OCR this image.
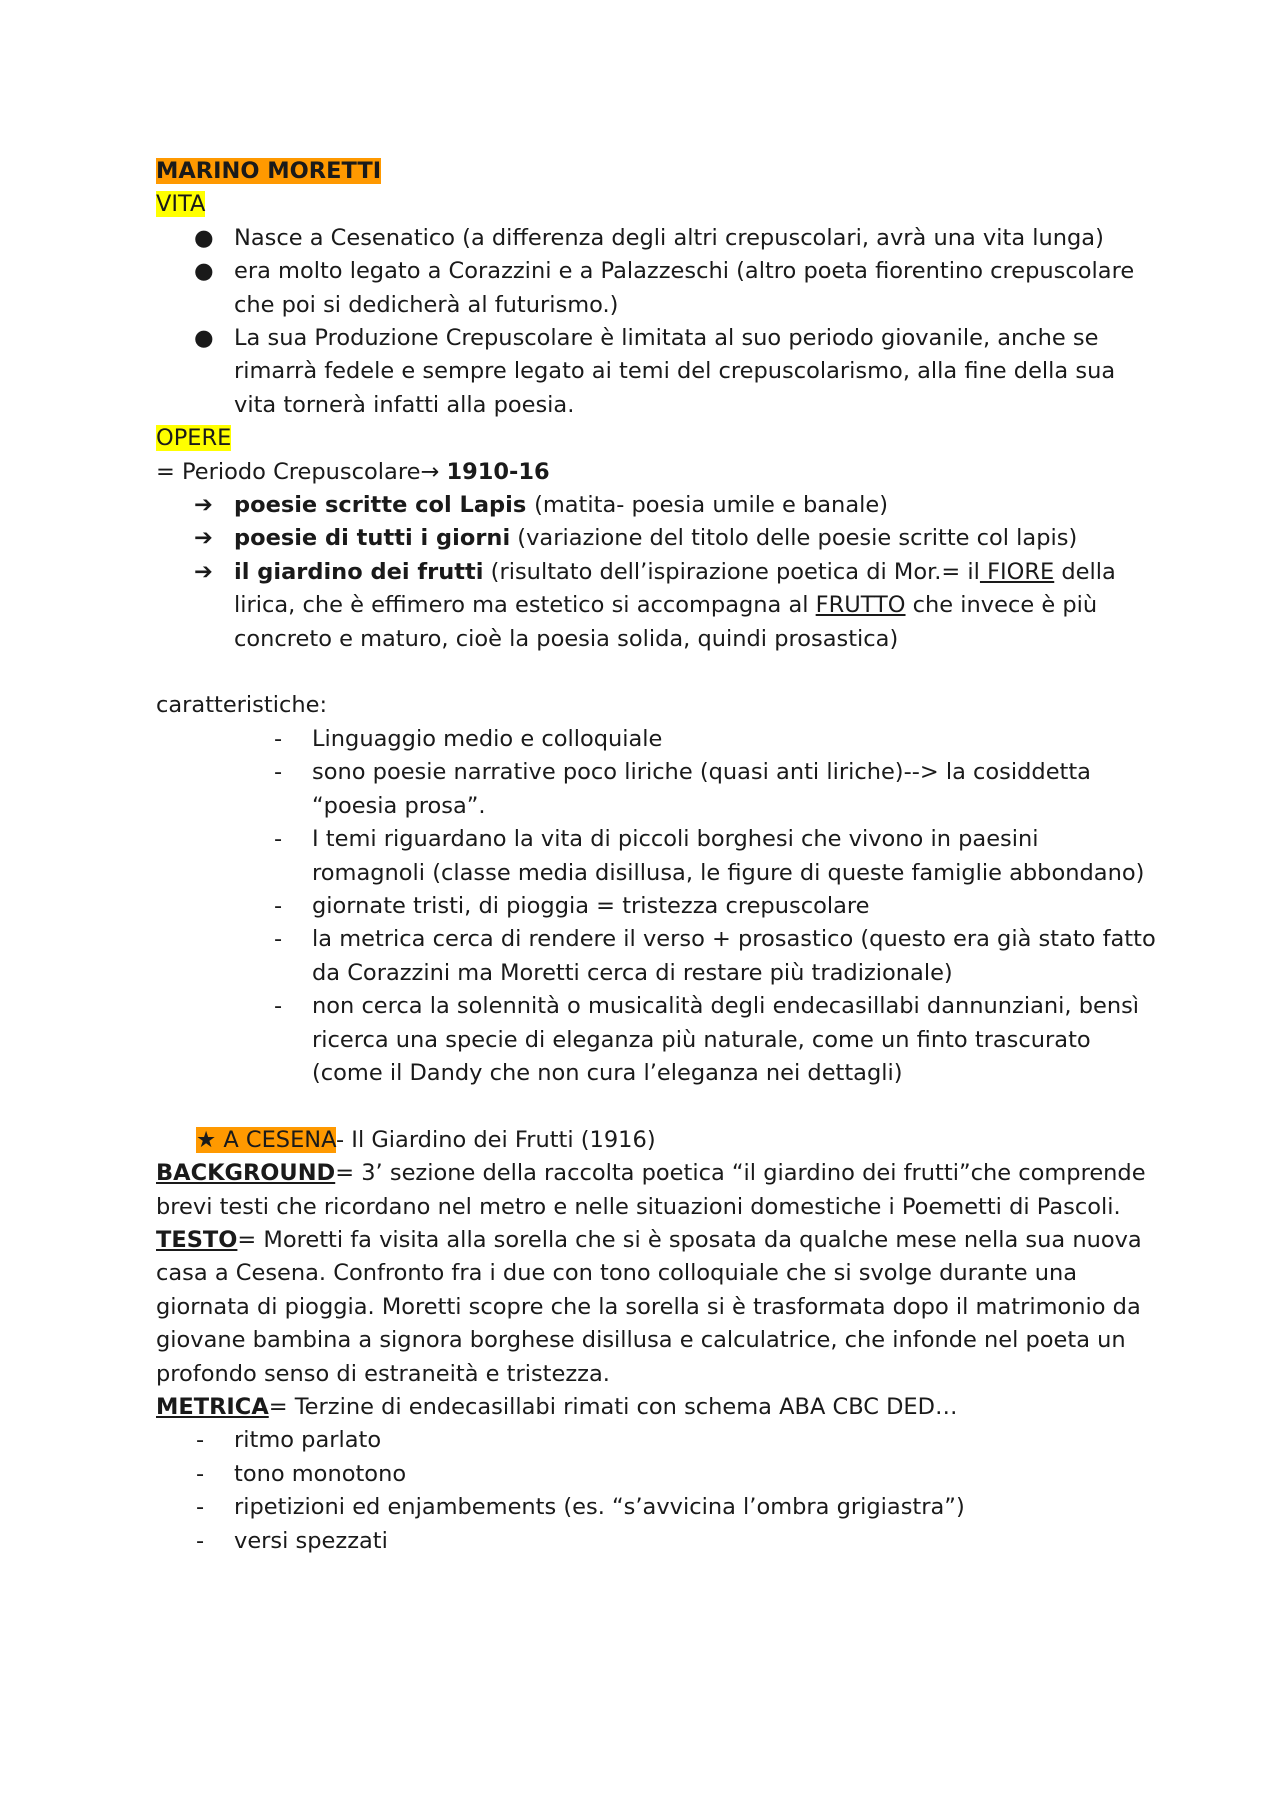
MARINO MORETTI
VITA
● Nasce a Cesenatico (a differenza degli altri crepuscolari, avrà una vita lunga)
● era molto legato a Corazzini e a Palazzeschi (altro poeta fiorentino crepuscolare che poi si dedicherà al futurismo.)
● La sua Produzione Crepuscolare è limitata al suo periodo giovanile, anche se rimarrà fedele e sempre legato ai temi del crepuscolarismo, alla fine della sua vita tornerà infatti alla poesia.
OPERE
= Periodo Crepuscolare→ 1910-16
➔ poesie scritte col Lapis (matita- poesia umile e banale)
➔ poesie di tutti i giorni (variazione del titolo delle poesie scritte col lapis)
➔ il giardino dei frutti (risultato dell’ispirazione poetica di Mor.= il FIORE della lirica, che è effimero ma estetico si accompagna al FRUTTO che invece è più concreto e maturo, cioè la poesia solida, quindi prosastica)
caratteristiche:
- Linguaggio medio e colloquiale
- sono poesie narrative poco liriche (quasi anti liriche)--> la cosiddetta “poesia prosa”.
- I temi riguardano la vita di piccoli borghesi che vivono in paesini romagnoli (classe media disillusa, le figure di queste famiglie abbondano)
- giornate tristi, di pioggia = tristezza crepuscolare
- la metrica cerca di rendere il verso + prosastico (questo era già stato fatto da Corazzini ma Moretti cerca di restare più tradizionale)
- non cerca la solennità o musicalità degli endecasillabi dannunziani, bensì ricerca una specie di eleganza più naturale, come un finto trascurato (come il Dandy che non cura l’eleganza nei dettagli)
★ A CESENA- Il Giardino dei Frutti (1916)
BACKGROUND= 3’ sezione della raccolta poetica “il giardino dei frutti”che comprende brevi testi che ricordano nel metro e nelle situazioni domestiche i Poemetti di Pascoli.
TESTO= Moretti fa visita alla sorella che si è sposata da qualche mese nella sua nuova casa a Cesena. Confronto fra i due con tono colloquiale che si svolge durante una giornata di pioggia. Moretti scopre che la sorella si è trasformata dopo il matrimonio da giovane bambina a signora borghese disillusa e calculatrice, che infonde nel poeta un profondo senso di estraneità e tristezza.
METRICA= Terzine di endecasillabi rimati con schema ABA CBC DED…
- ritmo parlato
- tono monotono
- ripetizioni ed enjambements (es. “s’avvicina l’ombra grigiastra”)
- versi spezzati
